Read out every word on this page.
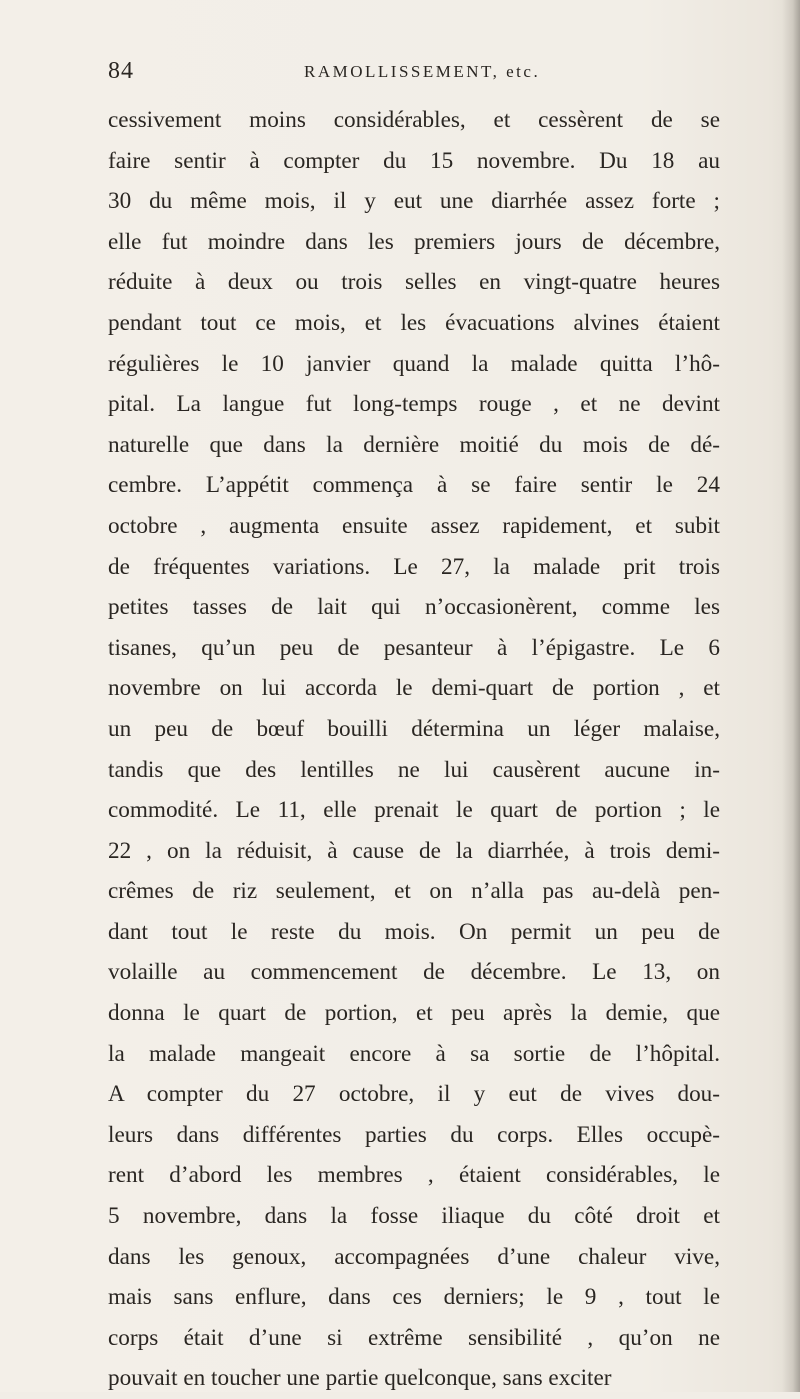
84	RAMOLLISSEMENT, etc.
cessivement moins considérables, et cessèrent de se
faire sentir à compter du 15 novembre. Du 18 au
30 du même mois, il y eut une diarrhée assez forte ;
elle fut moindre dans les premiers jours de décembre,
réduite à deux ou trois selles en vingt-quatre heures
pendant tout ce mois, et les évacuations alvines étaient
régulières le 10 janvier quand la malade quitta l’hô-
pital. La langue fut long-temps rouge , et ne devint
naturelle que dans la dernière moitié du mois de dé-
cembre. L’appétit commença à se faire sentir le 24
octobre , augmenta ensuite assez rapidement, et subit
de fréquentes variations. Le 27, la malade prit trois
petites tasses de lait qui n’occasionèrent, comme les
tisanes, qu’un peu de pesanteur à l’épigastre. Le 6
novembre on lui accorda le demi-quart de portion , et
un peu de bœuf bouilli détermina un léger malaise,
tandis que des lentilles ne lui causèrent aucune in-
commodité. Le 11, elle prenait le quart de portion ; le
22 , on la réduisit, à cause de la diarrhée, à trois demi-
crêmes de riz seulement, et on n’alla pas au-delà pen-
dant tout le reste du mois. On permit un peu de
volaille au commencement de décembre. Le 13, on
donna le quart de portion, et peu après la demie, que
la malade mangeait encore à sa sortie de l’hôpital.
A compter du 27 octobre, il y eut de vives dou-
leurs dans différentes parties du corps. Elles occupè-
rent d’abord les membres , étaient considérables, le
5 novembre, dans la fosse iliaque du côté droit et
dans les genoux, accompagnées d’une chaleur vive,
mais sans enflure, dans ces derniers; le 9 , tout le
corps était d’une si extrême sensibilité , qu’on ne
pouvait en toucher une partie quelconque, sans exciter
